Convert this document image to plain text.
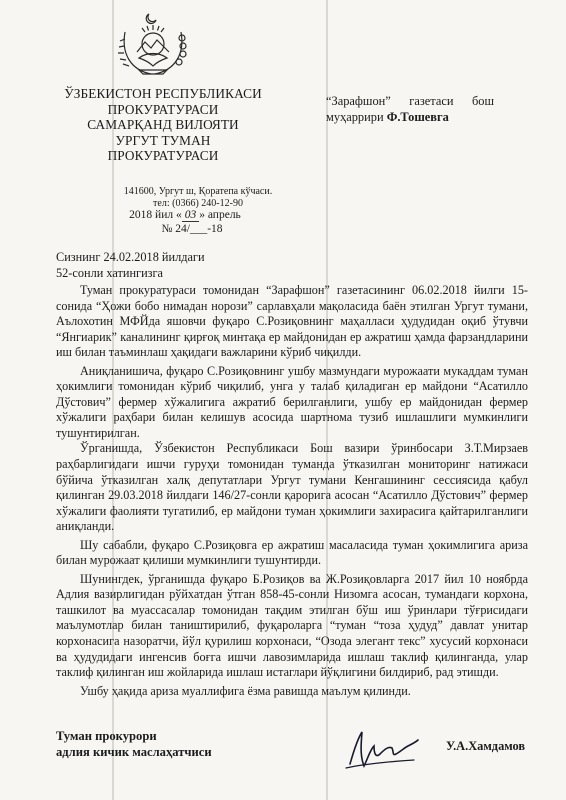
ЎЗБЕКИСТОН РЕСПУБЛИКАСИ
ПРОКУРАТУРАСИ
САМАРҚАНД ВИЛОЯТИ
УРГУТ ТУМАН
ПРОКУРАТУРАСИ
141600, Ургут ш, Қоратепа кўчаси.
тел: (0366) 240-12-90
2018 йил « 03 » апрель
№ 24/___-18
“Зарафшон” газетаси бош
муҳаррири Ф.Тошевга
Сизнинг 24.02.2018 йилдаги
52-сонли хатингизга

Туман прокуратураси томонидан “Зарафшон” газетасининг 06.02.2018 йилги 15-сонида “Ҳожи бобо нимадан норози” сарлавҳали мақоласида баён этилган Ургут тумани, Аълохотин МФЙда яшовчи фуқаро С.Розиқовнинг маҳалласи ҳудудидан оқиб ўтувчи “Янгиарик” каналининг қирғоқ минтақа ер майдонидан ер ажратиш ҳамда фарзандларини иш билан таъминлаш ҳақидаги важларини кўриб чиқилди.

Аниқланишича, фуқаро С.Розиқовнинг ушбу мазмундаги мурожаати мукаддам туман ҳокимлиги томонидан кўриб чиқилиб, унга у талаб қиладиган ер майдони “Асатилло Дўстович” фермер хўжалигига ажратиб берилганлиги, ушбу ер майдонидан фермер хўжалиги раҳбари билан келишув асосида шартнома тузиб ишлашлиги мумкинлиги тушунтирилган.

Ўрганишда, Ўзбекистон Республикаси Бош вазири ўринбосари З.Т.Мирзаев раҳбарлигидаги ишчи гуруҳи томонидан туманда ўтказилган мониторинг натижаси бўйича ўтказилган халқ депутатлари Ургут тумани Кенгашининг сессиясида қабул қилинган 29.03.2018 йилдаги 146/27-сонли қарорига асосан “Асатилло Дўстович” фермер хўжалиги фаолияти тугатилиб, ер майдони туман ҳокимлиги захирасига қайтарилганлиги аниқланди.

Шу сабабли, фуқаро С.Розиқовга ер ажратиш масаласида туман ҳокимлигига ариза билан мурожаат қилиши мумкинлиги тушунтирди.

Шунингдек, ўрганишда фуқаро Б.Розиқов ва Ж.Розиқовларга 2017 йил 10 ноябрда Адлия вазирлигидан рўйхатдан ўтган 858-45-сонли Низомга асосан, тумандаги корхона, ташкилот ва муассасалар томонидан тақдим этилган бўш иш ўринлари тўғрисидаги маълумотлар билан таништирилиб, фуқароларга “туман “тоза ҳудуд” давлат унитар корхонасига назоратчи, йўл қурилиш корхонаси, “Озода элегант текс” хусусий корхонаси ва ҳудудидаги ингенсив боғга ишчи лавозимларида ишлаш таклиф қилинганда, улар таклиф қилинган иш жойларида ишлаш истаглари йўқлигини билдириб, рад этишди.

Ушбу ҳақида ариза муаллифига ёзма равишда маълум қилинди.

Туман прокурори
адлия кичик маслаҳатчиси	У.А.Хамдамов
